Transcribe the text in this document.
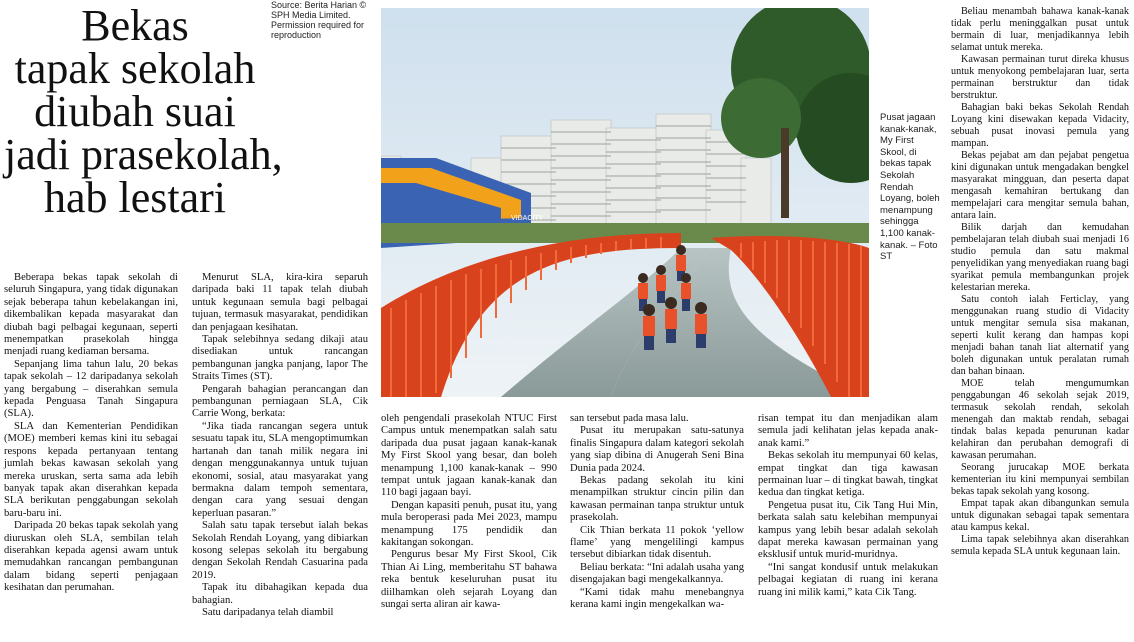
Bekas
tapak sekolah
diubah suai
jadi prasekolah,
hab lestari
Source: Berita Harian © SPH Media Limited. Permission required for reproduction
VIDACITY
Pusat jagaan kanak-kanak, My First Skool, di bekas tapak Sekolah Rendah Loyang, boleh menampung sehingga 1,100 kanak-kanak. – Foto ST

Beberapa bekas tapak sekolah di seluruh Singapura, yang tidak digunakan sejak beberapa tahun kebelakangan ini, dikembalikan kepada masyarakat dan diubah bagi pelbagai kegunaan, seperti menempatkan prasekolah hingga menjadi ruang kediaman bersama.

Sepanjang lima tahun lalu, 20 bekas tapak sekolah – 12 daripadanya sekolah yang bergabung – diserahkan semula kepada Penguasa Tanah Singapura (SLA).

SLA dan Kementerian Pendidikan (MOE) memberi kemas kini itu sebagai respons kepada pertanyaan tentang jumlah bekas kawasan sekolah yang mereka uruskan, serta sama ada lebih banyak tapak akan diserahkan kepada SLA berikutan penggabungan sekolah baru-baru ini.

Daripada 20 bekas tapak sekolah yang diuruskan oleh SLA, sembilan telah diserahkan kepada agensi awam untuk memudahkan rancangan pembangunan dalam bidang seperti penjagaan kesihatan dan perumahan.

Menurut SLA, kira-kira separuh daripada baki 11 tapak telah diubah untuk kegunaan semula bagi pelbagai tujuan, termasuk masyarakat, pendidikan dan penjagaan kesihatan.

Tapak selebihnya sedang dikaji atau disediakan untuk rancangan pembangunan jangka panjang, lapor The Straits Times (ST).

Pengarah bahagian perancangan dan pembangunan perniagaan SLA, Cik Carrie Wong, berkata:

“Jika tiada rancangan segera untuk sesuatu tapak itu, SLA mengoptimumkan hartanah dan tanah milik negara ini dengan menggunakannya untuk tujuan ekonomi, sosial, atau masyarakat yang bermakna dalam tempoh sementara, dengan cara yang sesuai dengan keperluan pasaran.”

Salah satu tapak tersebut ialah bekas Sekolah Rendah Loyang, yang dibiarkan kosong selepas sekolah itu bergabung dengan Sekolah Rendah Casuarina pada 2019.

Tapak itu dibahagikan kepada dua bahagian.

Satu daripadanya telah diambil

oleh pengendali prasekolah NTUC First Campus untuk menempatkan salah satu daripada dua pusat jagaan kanak-kanak My First Skool yang besar, dan boleh menampung 1,100 kanak-kanak – 990 tempat untuk jagaan kanak-kanak dan 110 bagi jagaan bayi.

Dengan kapasiti penuh, pusat itu, yang mula beroperasi pada Mei 2023, mampu menampung 175 pendidik dan kakitangan sokongan.

Pengurus besar My First Skool, Cik Thian Ai Ling, memberitahu ST bahawa reka bentuk keseluruhan pusat itu diilhamkan oleh sejarah Loyang dan sungai serta aliran air kawa-

san tersebut pada masa lalu.

Pusat itu merupakan satu-satunya finalis Singapura dalam kategori sekolah yang siap dibina di Anugerah Seni Bina Dunia pada 2024.

Bekas padang sekolah itu kini menampilkan struktur cincin pilin dan kawasan permainan tanpa struktur untuk prasekolah.

Cik Thian berkata 11 pokok ‘yellow flame’ yang mengelilingi kampus tersebut dibiarkan tidak disentuh.

Beliau berkata: “Ini adalah usaha yang disengajakan bagi mengekalkannya.

“Kami tidak mahu menebangnya kerana kami ingin mengekalkan wa-

risan tempat itu dan menjadikan alam semula jadi kelihatan jelas kepada anak-anak kami.”

Bekas sekolah itu mempunyai 60 kelas, empat tingkat dan tiga kawasan permainan luar – di tingkat bawah, tingkat kedua dan tingkat ketiga.

Pengetua pusat itu, Cik Tang Hui Min, berkata salah satu kelebihan mempunyai kampus yang lebih besar adalah sekolah dapat mereka kawasan permainan yang eksklusif untuk murid-muridnya.

“Ini sangat kondusif untuk melakukan pelbagai kegiatan di ruang ini kerana ruang ini milik kami,” kata Cik Tang.

Beliau menambah bahawa kanak-kanak tidak perlu meninggalkan pusat untuk bermain di luar, menjadikannya lebih selamat untuk mereka.

Kawasan permainan turut direka khusus untuk menyokong pembelajaran luar, serta permainan berstruktur dan tidak berstruktur.

Bahagian baki bekas Sekolah Rendah Loyang kini disewakan kepada Vidacity, sebuah pusat inovasi pemula yang mampan.

Bekas pejabat am dan pejabat pengetua kini digunakan untuk mengadakan bengkel masyarakat mingguan, dan peserta dapat mengasah kemahiran bertukang dan mempelajari cara mengitar semula bahan, antara lain.

Bilik darjah dan kemudahan pembelajaran telah diubah suai menjadi 16 studio pemula dan satu makmal penyelidikan yang menyediakan ruang bagi syarikat pemula membangunkan projek kelestarian mereka.

Satu contoh ialah Ferticlay, yang menggunakan ruang studio di Vidacity untuk mengitar semula sisa makanan, seperti kulit kerang dan hampas kopi menjadi bahan tanah liat alternatif yang boleh digunakan untuk peralatan rumah dan bahan binaan.

MOE telah mengumumkan penggabungan 46 sekolah sejak 2019, termasuk sekolah rendah, sekolah menengah dan maktab rendah, sebagai tindak balas kepada penurunan kadar kelahiran dan perubahan demografi di kawasan perumahan.

Seorang jurucakap MOE berkata kementerian itu kini mempunyai sembilan bekas tapak sekolah yang kosong.

Empat tapak akan dibangunkan semula untuk digunakan sebagai tapak sementara atau kampus kekal.

Lima tapak selebihnya akan diserahkan semula kepada SLA untuk kegunaan lain.
